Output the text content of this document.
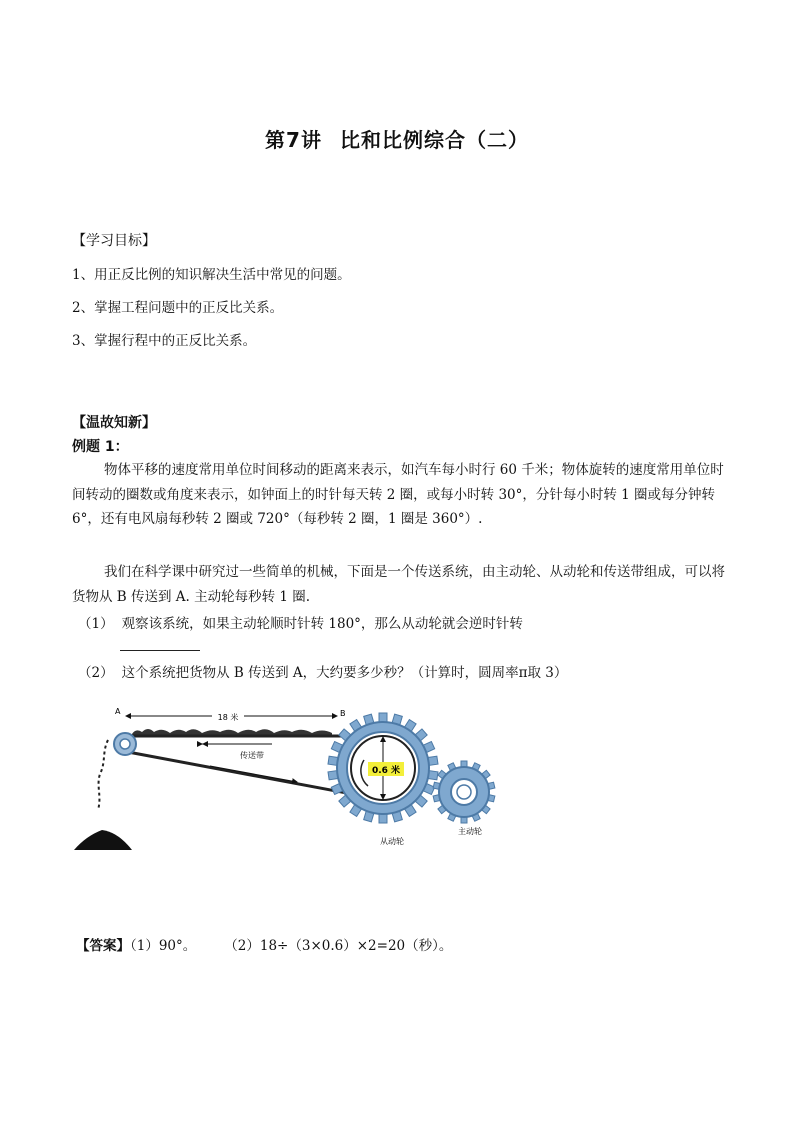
第7讲 比和比例综合（二）
【学习目标】
1、用正反比例的知识解决生活中常见的问题。
2、掌握工程问题中的正反比关系。
3、掌握行程中的正反比关系。
【温故知新】
例题 1：
物体平移的速度常用单位时间移动的距离来表示，如汽车每小时行 60 千米；物体旋转的速度常用单位时间转动的圈数或角度来表示，如钟面上的时针每天转 2 圈，或每小时转 30°，分针每小时转 1 圈或每分钟转 6°，还有电风扇每秒转 2 圈或 720°（每秒转 2 圈，1 圈是 360°）.
我们在科学课中研究过一些简单的机械，下面是一个传送系统，由主动轮、从动轮和传送带组成，可以将货物从 B 传送到 A. 主动轮每秒转 1 圈.
（1） 观察该系统，如果主动轮顺时针转 180°，那么从动轮就会逆时针转
（2） 这个系统把货物从 B 传送到 A，大约要多少秒？（计算时，圆周率π取 3）
A	B
18 米
传送带
0.6 米
从动轮
主动轮
【答案】（1）90°。 （2）18÷（3×0.6）×2=20（秒）。
